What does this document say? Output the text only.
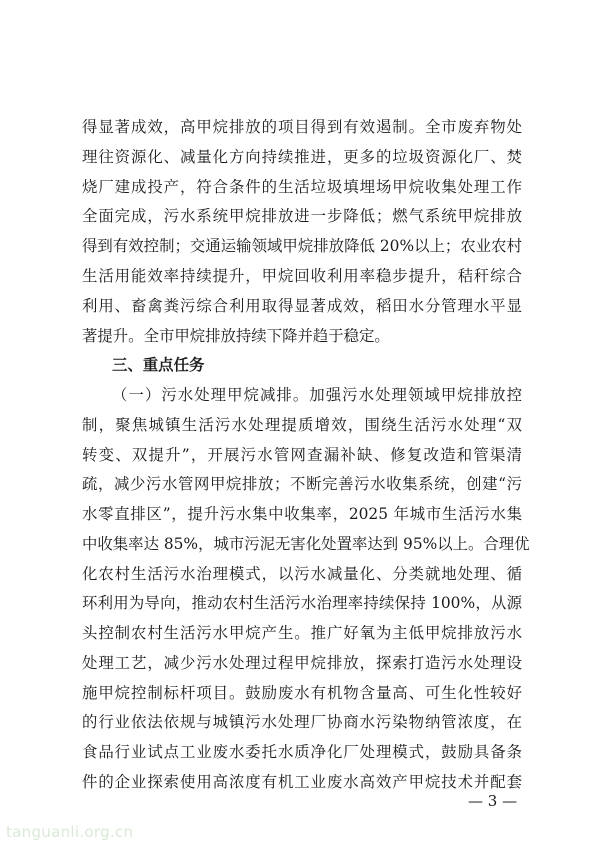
得显著成效，高甲烷排放的项目得到有效遏制。全市废弃物处
理往资源化、减量化方向持续推进，更多的垃圾资源化厂、焚
烧厂建成投产，符合条件的生活垃圾填埋场甲烷收集处理工作
全面完成，污水系统甲烷排放进一步降低；燃气系统甲烷排放
得到有效控制；交通运输领域甲烷排放降低 20%以上；农业农村
生活用能效率持续提升，甲烷回收利用率稳步提升，秸秆综合
利用、畜禽粪污综合利用取得显著成效，稻田水分管理水平显
著提升。全市甲烷排放持续下降并趋于稳定。
三、重点任务
（一）污水处理甲烷减排。加强污水处理领域甲烷排放控
制，聚焦城镇生活污水处理提质增效，围绕生活污水处理“双
转变、双提升”，开展污水管网查漏补缺、修复改造和管渠清
疏，减少污水管网甲烷排放；不断完善污水收集系统，创建“污
水零直排区”，提升污水集中收集率，2025 年城市生活污水集
中收集率达 85%，城市污泥无害化处置率达到 95%以上。合理优
化农村生活污水治理模式，以污水减量化、分类就地处理、循
环利用为导向，推动农村生活污水治理率持续保持 100%，从源
头控制农村生活污水甲烷产生。推广好氧为主低甲烷排放污水
处理工艺，减少污水处理过程甲烷排放，探索打造污水处理设
施甲烷控制标杆项目。鼓励废水有机物含量高、可生化性较好
的行业依法依规与城镇污水处理厂协商水污染物纳管浓度，在
食品行业试点工业废水委托水质净化厂处理模式，鼓励具备条
件的企业探索使用高浓度有机工业废水高效产甲烷技术并配套
— 3 —
tanguanli.org.cn
